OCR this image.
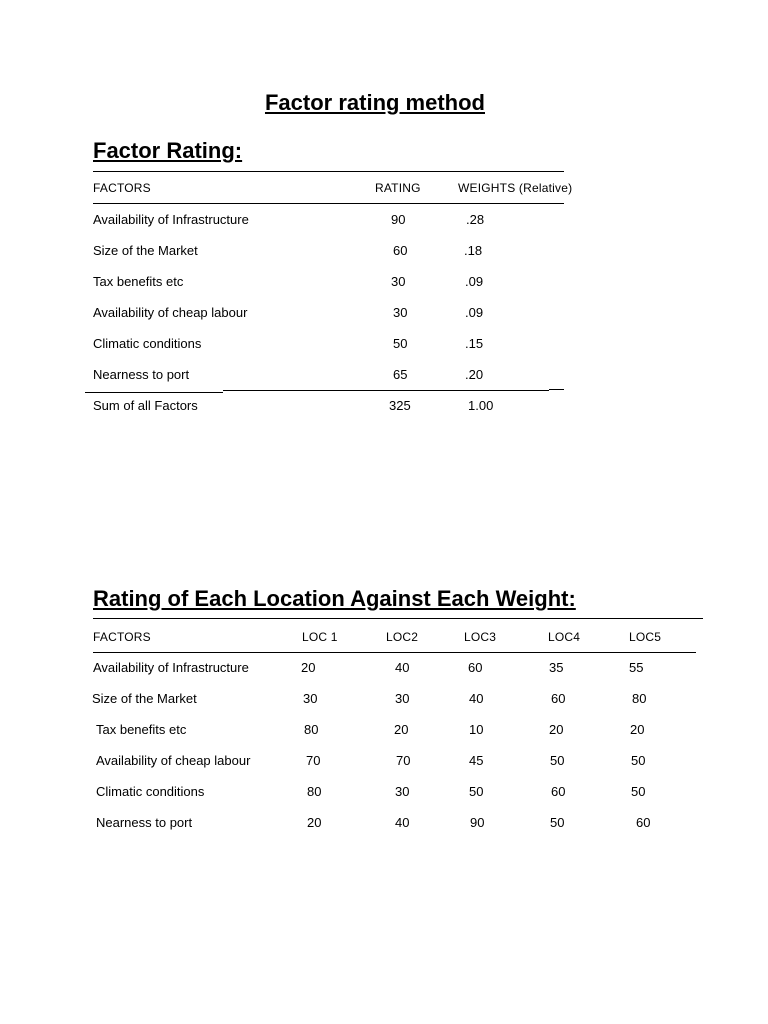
Factor rating method
Factor Rating:
FACTORS	RATING	WEIGHTS (Relative)
Availability of Infrastructure	90	.28
Size of the Market	60	.18
Tax benefits etc	30	.09
Availability of cheap labour	30	.09
Climatic conditions	50	.15
Nearness to port	65	.20
Sum of all Factors	325	1.00
Rating of Each Location Against Each Weight:
FACTORS	LOC 1	LOC2	LOC3	LOC4	LOC5
Availability of Infrastructure	20	40	60	35	55
Size of the Market	30	30	40	60	80
Tax benefits etc	80	20	10	20	20
Availability of cheap labour	70	70	45	50	50
Climatic conditions	80	30	50	60	50
Nearness to port	20	40	90	50	60
